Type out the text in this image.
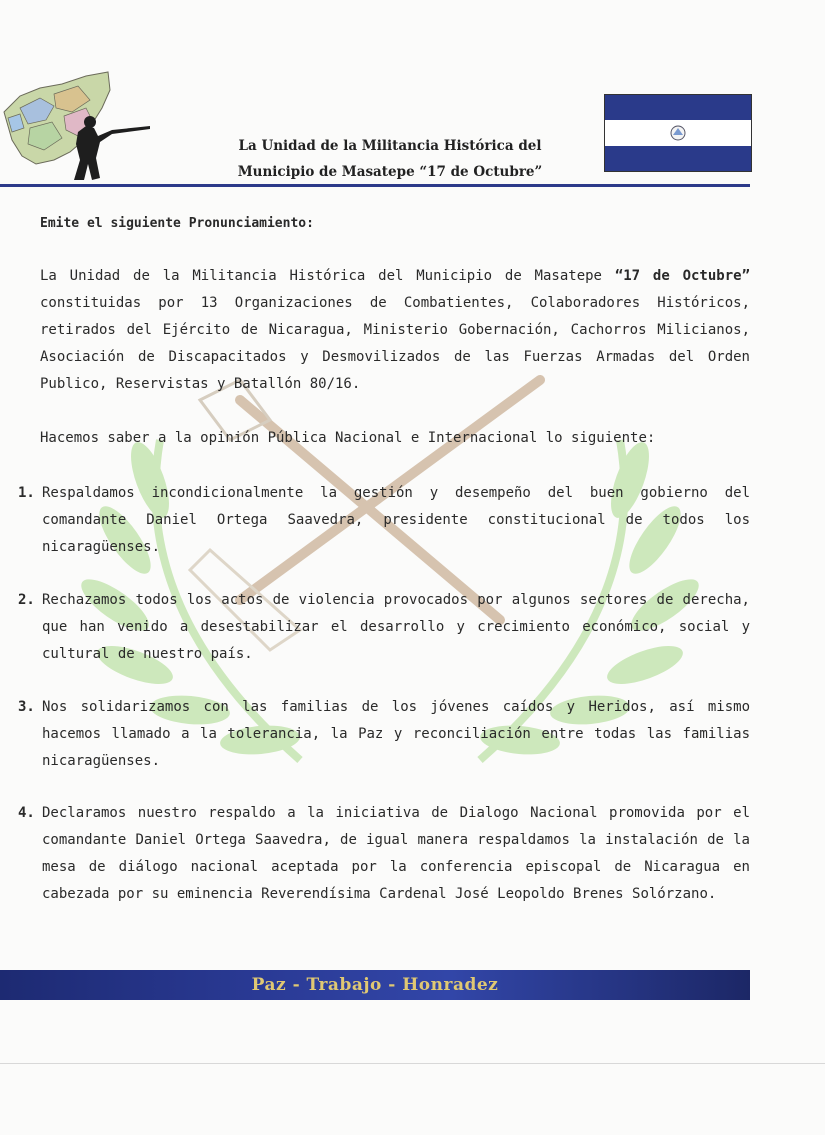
La Unidad de la Militancia Histórica del
Municipio de Masatepe “17 de Octubre”
Emite el siguiente Pronunciamiento:
La Unidad de la Militancia Histórica del Municipio de Masatepe “17 de Octubre” constituidas por 13 Organizaciones de Combatientes, Colaboradores Históricos, retirados del Ejército de Nicaragua, Ministerio Gobernación, Cachorros Milicianos, Asociación de Discapacitados y Desmovilizados de las Fuerzas Armadas del Orden Publico, Reservistas y Batallón 80/16.
Hacemos saber a la opinión Pública Nacional e Internacional lo siguiente:
1. Respaldamos incondicionalmente la gestión y desempeño del buen gobierno del comandante Daniel Ortega Saavedra, presidente constitucional de todos los nicaragüenses.
2. Rechazamos todos los actos de violencia provocados por algunos sectores de derecha, que han venido a desestabilizar el desarrollo y crecimiento económico, social y cultural de nuestro país.
3. Nos solidarizamos con las familias de los jóvenes caídos y Heridos, así mismo hacemos llamado a la tolerancia, la Paz y reconciliación entre todas las familias nicaragüenses.
4. Declaramos nuestro respaldo a la iniciativa de Dialogo Nacional promovida por el comandante Daniel Ortega Saavedra, de igual manera respaldamos la instalación de la mesa de diálogo nacional aceptada por la conferencia episcopal de Nicaragua en cabezada por su eminencia Reverendísima Cardenal José Leopoldo Brenes Solórzano.
Paz - Trabajo - Honradez
